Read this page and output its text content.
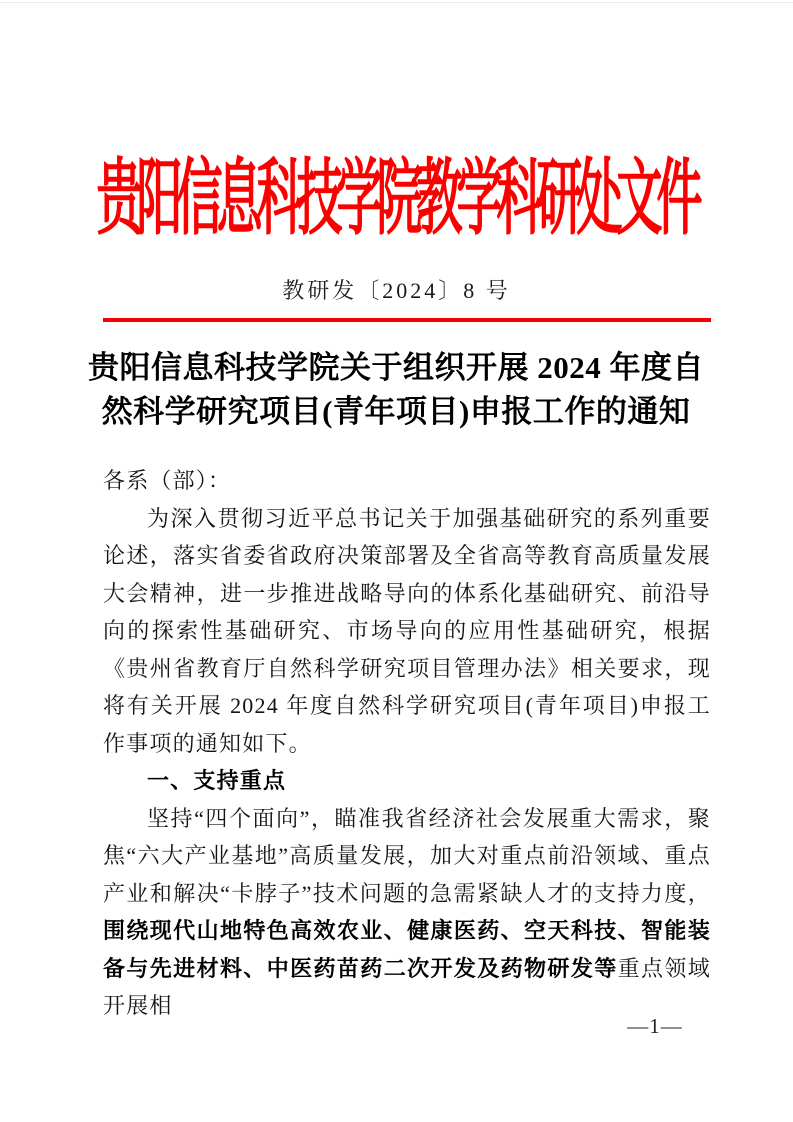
贵阳信息科技学院教学科研处文件
教研发〔2024〕8 号
贵阳信息科技学院关于组织开展 2024 年度自
然科学研究项目(青年项目)申报工作的通知

各系（部）：

为深入贯彻习近平总书记关于加强基础研究的系列重要论述，落实省委省政府决策部署及全省高等教育高质量发展大会精神，进一步推进战略导向的体系化基础研究、前沿导向的探索性基础研究、市场导向的应用性基础研究，根据《贵州省教育厅自然科学研究项目管理办法》相关要求，现将有关开展 2024 年度自然科学研究项目(青年项目)申报工作事项的通知如下。

一、支持重点

坚持“四个面向”，瞄准我省经济社会发展重大需求，聚焦“六大产业基地”高质量发展，加大对重点前沿领域、重点产业和解决“卡脖子”技术问题的急需紧缺人才的支持力度，围绕现代山地特色高效农业、健康医药、空天科技、智能装备与先进材料、中医药苗药二次开发及药物研发等重点领域开展相

—1—
